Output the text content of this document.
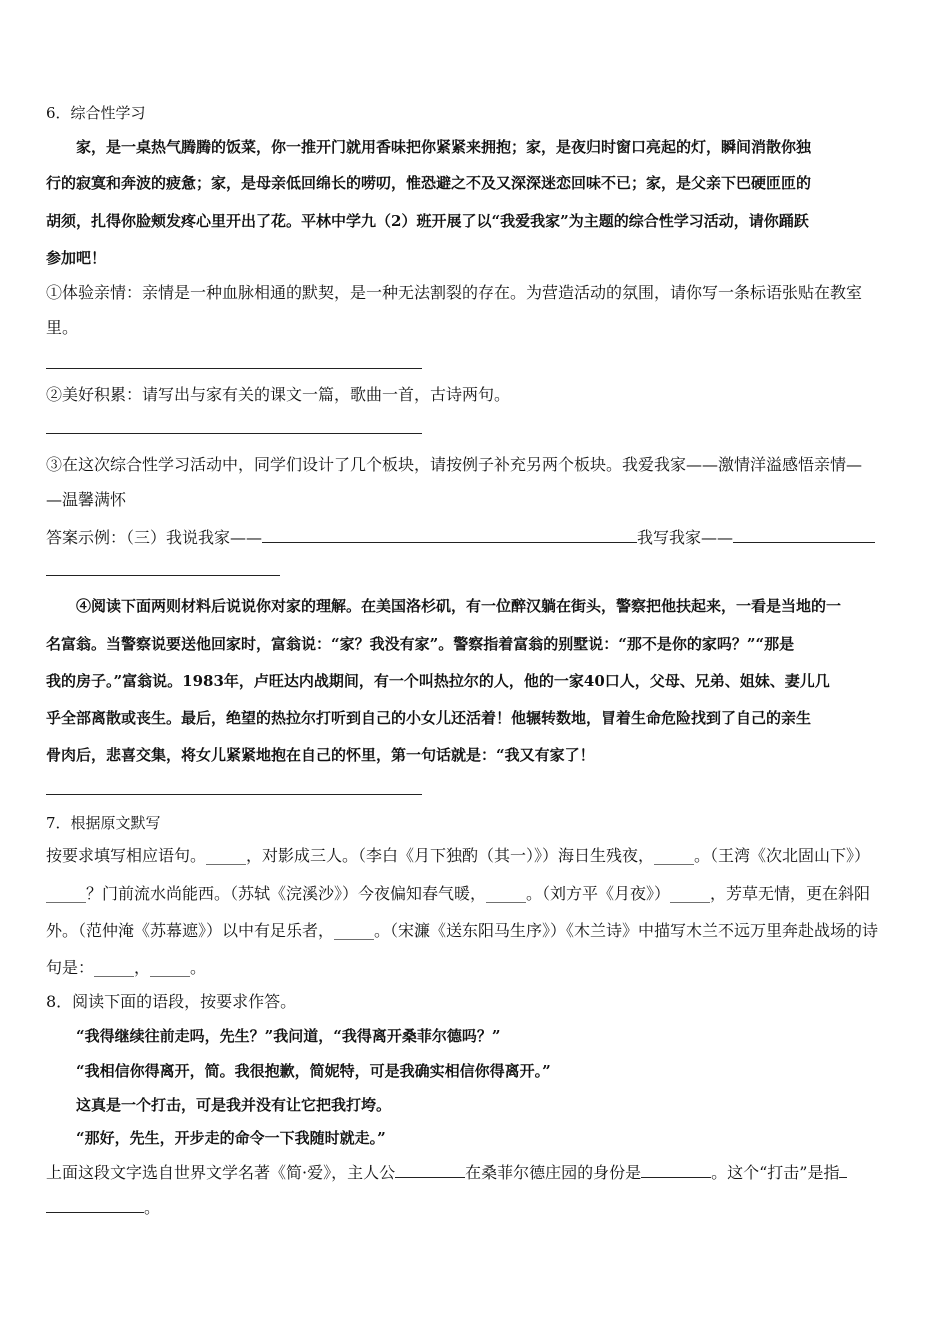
6．综合性学习
　　家，是一桌热气腾腾的饭菜，你一推开门就用香味把你紧紧来拥抱；家，是夜归时窗口亮起的灯，瞬间消散你独
行的寂寞和奔波的疲惫；家，是母亲低回绵长的唠叨，惟恐避之不及又深深迷恋回味不已；家，是父亲下巴硬匝匝的
胡须，扎得你脸颊发疼心里开出了花。平林中学九（2）班开展了以“我爱我家”为主题的综合性学习活动，请你踊跃
参加吧！
①体验亲情：亲情是一种血脉相通的默契，是一种无法割裂的存在。为营造活动的氛围，请你写一条标语张贴在教室
里。
②美好积累：请写出与家有关的课文一篇，歌曲一首，古诗两句。
③在这次综合性学习活动中，同学们设计了几个板块，请按例子补充另两个板块。我爱我家——激情洋溢感悟亲情—
—温馨满怀
答案示例：（三）我说我家——	我写我家——
　　④阅读下面两则材料后说说你对家的理解。在美国洛杉矶，有一位醉汉躺在街头，警察把他扶起来，一看是当地的一
名富翁。当警察说要送他回家时，富翁说：“家？我没有家”。警察指着富翁的别墅说：“那不是你的家吗？”“那是
我的房子。”富翁说。1983年，卢旺达内战期间，有一个叫热拉尔的人，他的一家40口人，父母、兄弟、姐妹、妻儿几
乎全部离散或丧生。最后，绝望的热拉尔打听到自己的小女儿还活着！他辗转数地，冒着生命危险找到了自己的亲生
骨肉后，悲喜交集，将女儿紧紧地抱在自己的怀里，第一句话就是：“我又有家了！
7．根据原文默写
按要求填写相应语句。_____，对影成三人。（李白《月下独酌（其一）》）海日生残夜，_____。（王湾《次北固山下》）
_____？门前流水尚能西。（苏轼《浣溪沙》）今夜偏知春气暖，_____。（刘方平《月夜》）_____，芳草无情，更在斜阳
外。（范仲淹《苏幕遮》）以中有足乐者，_____。（宋濂《送东阳马生序》）《木兰诗》中描写木兰不远万里奔赴战场的诗
句是：_____，_____。
8．阅读下面的语段，按要求作答。
　　“我得继续往前走吗，先生？”我问道，“我得离开桑菲尔德吗？”
　　“我相信你得离开，简。我很抱歉，简妮特，可是我确实相信你得离开。”
　　这真是一个打击，可是我并没有让它把我打垮。
　　“那好，先生，开步走的命令一下我随时就走。”
上面这段文字选自世界文学名著《简·爱》，主人公	在桑菲尔德庄园的身份是	。这个“打击”是指
。
